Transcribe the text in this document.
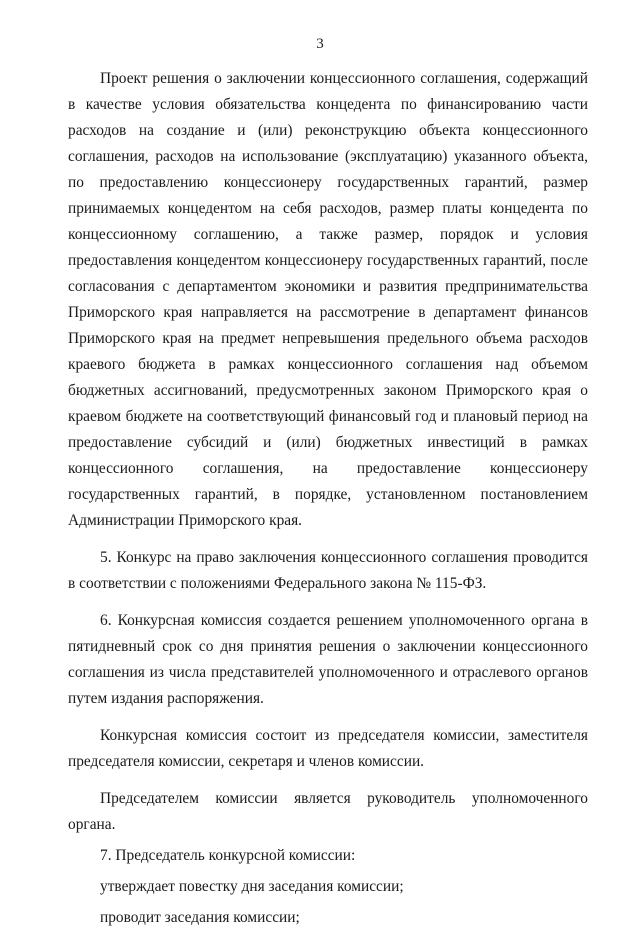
3

Проект решения о заключении концессионного соглашения, содержащий в качестве условия обязательства концедента по финансированию части расходов на создание и (или) реконструкцию объекта концессионного соглашения, расходов на использование (эксплуатацию) указанного объекта, по предоставлению концессионеру государственных гарантий, размер принимаемых концедентом на себя расходов, размер платы концедента по концессионному соглашению, а также размер, порядок и условия предоставления концедентом концессионеру государственных гарантий, после согласования с департаментом экономики и развития предпринимательства Приморского края направляется на рассмотрение в департамент финансов Приморского края на предмет непревышения предельного объема расходов краевого бюджета в рамках концессионного соглашения над объемом бюджетных ассигнований, предусмотренных законом Приморского края о краевом бюджете на соответствующий финансовый год и плановый период на предоставление субсидий и (или) бюджетных инвестиций в рамках концессионного соглашения, на предоставление концессионеру государственных гарантий, в порядке, установленном постановлением Администрации Приморского края.

5. Конкурс на право заключения концессионного соглашения проводится в соответствии с положениями Федерального закона № 115-ФЗ.

6. Конкурсная комиссия создается решением уполномоченного органа в пятидневный срок со дня принятия решения о заключении концессионного соглашения из числа представителей уполномоченного и отраслевого органов путем издания распоряжения.

Конкурсная комиссия состоит из председателя комиссии, заместителя председателя комиссии, секретаря и членов комиссии.

Председателем комиссии является руководитель уполномоченного органа.

7. Председатель конкурсной комиссии:

утверждает повестку дня заседания комиссии;

проводит заседания комиссии;
